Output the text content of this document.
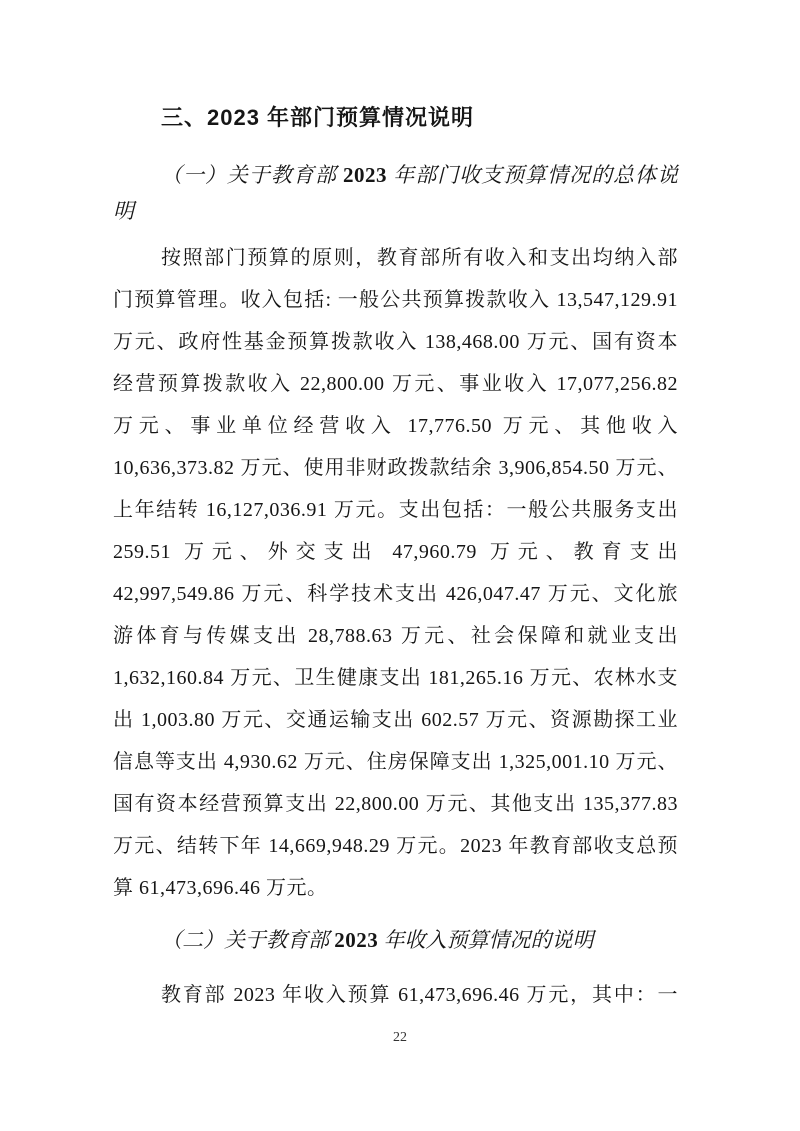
三、2023 年部门预算情况说明
（一）关于教育部 2023 年部门收支预算情况的总体说
明
按照部门预算的原则，教育部所有收入和支出均纳入部
门预算管理。收入包括: 一般公共预算拨款收入 13,547,129.91
万元、政府性基金预算拨款收入 138,468.00 万元、国有资本
经营预算拨款收入 22,800.00 万元、事业收入 17,077,256.82
万元、事业单位经营收入 17,776.50 万元、其他收入
10,636,373.82 万元、使用非财政拨款结余 3,906,854.50 万元、
上年结转 16,127,036.91 万元。支出包括：一般公共服务支出
259.51 万元、外交支出 47,960.79 万元、教育支出
42,997,549.86 万元、科学技术支出 426,047.47 万元、文化旅
游体育与传媒支出 28,788.63 万元、社会保障和就业支出
1,632,160.84 万元、卫生健康支出 181,265.16 万元、农林水支
出 1,003.80 万元、交通运输支出 602.57 万元、资源勘探工业
信息等支出 4,930.62 万元、住房保障支出 1,325,001.10 万元、
国有资本经营预算支出 22,800.00 万元、其他支出 135,377.83
万元、结转下年 14,669,948.29 万元。2023 年教育部收支总预
算 61,473,696.46 万元。
（二）关于教育部 2023 年收入预算情况的说明
教育部 2023 年收入预算 61,473,696.46 万元，其中：一
22
